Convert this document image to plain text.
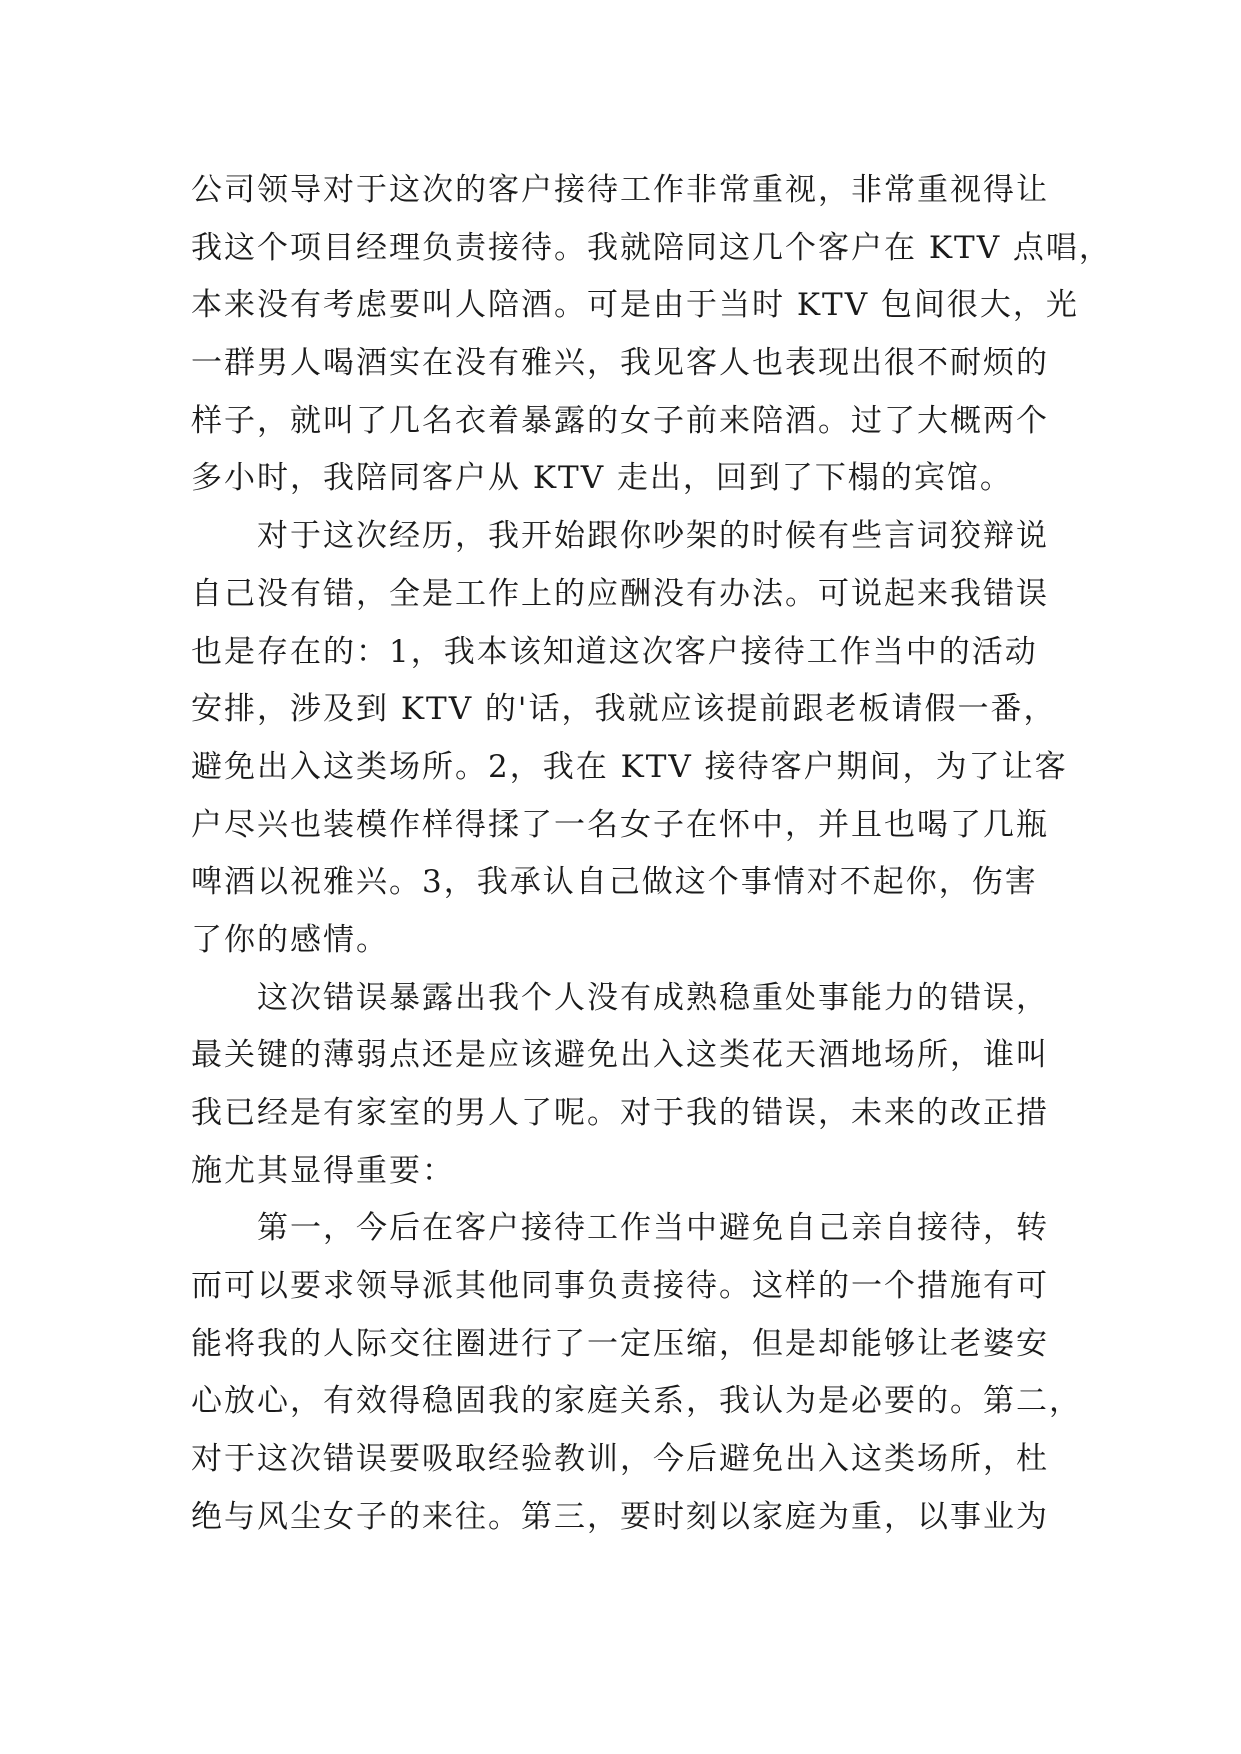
公司领导对于这次的客户接待工作非常重视，非常重视得让
我这个项目经理负责接待。我就陪同这几个客户在 KTV 点唱，
本来没有考虑要叫人陪酒。可是由于当时 KTV 包间很大，光
一群男人喝酒实在没有雅兴，我见客人也表现出很不耐烦的
样子，就叫了几名衣着暴露的女子前来陪酒。过了大概两个
多小时，我陪同客户从 KTV 走出，回到了下榻的宾馆。
对于这次经历，我开始跟你吵架的时候有些言词狡辩说
自己没有错，全是工作上的应酬没有办法。可说起来我错误
也是存在的：1，我本该知道这次客户接待工作当中的活动
安排，涉及到 KTV 的'话，我就应该提前跟老板请假一番，
避免出入这类场所。2，我在 KTV 接待客户期间，为了让客
户尽兴也装模作样得揉了一名女子在怀中，并且也喝了几瓶
啤酒以祝雅兴。3，我承认自己做这个事情对不起你，伤害
了你的感情。
这次错误暴露出我个人没有成熟稳重处事能力的错误，
最关键的薄弱点还是应该避免出入这类花天酒地场所，谁叫
我已经是有家室的男人了呢。对于我的错误，未来的改正措
施尤其显得重要：
第一，今后在客户接待工作当中避免自己亲自接待，转
而可以要求领导派其他同事负责接待。这样的一个措施有可
能将我的人际交往圈进行了一定压缩，但是却能够让老婆安
心放心，有效得稳固我的家庭关系，我认为是必要的。第二，
对于这次错误要吸取经验教训，今后避免出入这类场所，杜
绝与风尘女子的来往。第三，要时刻以家庭为重，以事业为
